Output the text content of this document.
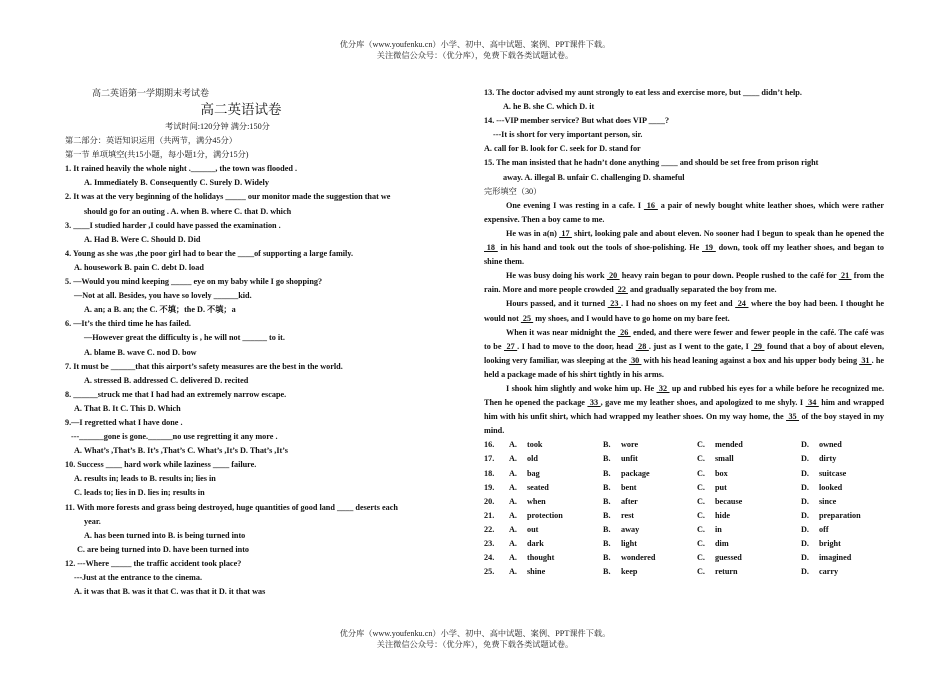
优分库（www.youfenku.cn）小学、初中、高中试题、案例、PPT课件下载。
关注微信公众号：（优分库），免费下载各类试题试卷。

高二英语第一学期期末考试卷

高二英语试卷

考试时间:120分钟 满分:150分

第二部分：英语知识运用（共两节，满分45分）

第一节 单项填空(共15小题，每小题1分，满分15分)

1. It rained heavily the whole night .______, the town was flooded .

A. Immediately B. Consequently C. Surely D. Widely

2. It was at the very beginning of the holidays _____ our monitor made the suggestion that we

should go for an outing . A. when B. where C. that D. which

3. ____I studied harder ,I could have passed the examination .

A. Had B. Were C. Should D. Did

4. Young as she was ,the poor girl had to bear the ____of supporting a large family.

A. housework B. pain C. debt D. load

5. —Would you mind keeping _____ eye on my baby while I go shopping?

—Not at all. Besides, you have so lovely ______kid.

A. an; a B. an; the C. 不填；the D. 不填；a

6. —It’s the third time he has failed.

—However great the difficulty is , he will not ______ to it.

A. blame B. wave C. nod D. bow

7. It must be ______that this airport’s safety measures are the best in the world.

A. stressed B. addressed C. delivered D. recited

8. ______struck me that I had had an extremely narrow escape.

A. That B. It C. This D. Which

9.—I regretted what I have done .

---______gone is gone.______no use regretting it any more .

A. What’s ,That’s B. It’s ,That’s C. What’s ,It’s D. That’s ,It’s

10. Success ____ hard work while laziness ____ failure.

A. results in; leads to B. results in; lies in

C. leads to; lies in D. lies in; results in

11. With more forests and grass being destroyed, huge quantities of good land ____ deserts each

year.

A. has been turned into B. is being turned into

C. are being turned into D. have been turned into

12. ---Where _____ the traffic accident took place?

---Just at the entrance to the cinema.

A. it was that B. was it that C. was that it D. it that was

13. The doctor advised my aunt strongly to eat less and exercise more, but ____ didn’t help.

A. he B. she C. which D. it

14. ---VIP member service? But what does VIP ____?

---It is short for very important person, sir.

A. call for B. look for C. seek for D. stand for

15. The man insisted that he hadn’t done anything ____ and should be set free from prison right

away. A. illegal B. unfair C. challenging D. shameful

完形填空（30）

One evening I was resting in a cafe. I  16  a pair of newly bought white leather shoes, which were rather expensive. Then a boy came to me.

He was in a(n)  17  shirt, looking pale and about eleven. No sooner had I begun to speak than he opened the  18  in his hand and took out the tools of shoe-polishing. He  19  down, took off my leather shoes, and began to shine them.

He was busy doing his work  20  heavy rain began to pour down. People rushed to the café for  21  from the rain. More and more people crowded  22  and gradually separated the boy from me.

Hours passed, and it turned  23 . I had no shoes on my feet and  24  where the boy had been. I thought he would not  25  my shoes, and I would have to go home on my bare feet.

When it was near midnight the  26  ended, and there were fewer and fewer people in the café. The café was to be  27 . I had to move to the door, head  28 . just as I went to the gate, I  29  found that a boy of about eleven, looking very familiar, was sleeping at the  30  with his head leaning against a box and his upper body being  31 . he held a package made of his shirt tightly in his arms.

I shook him slightly and woke him up. He  32  up and rubbed his eyes for a while before he recognized me. Then he opened the package  33 , gave me my leather shoes, and apologized to me shyly. I  34  him and wrapped him with his unfit shirt, which had wrapped my leather shoes. On my way home, the  35  of the boy stayed in my mind.

16.	A.	took	B.	wore	C.	mended	D.	owned
17.	A.	old	B.	unfit	C.	small	D.	dirty
18.	A.	bag	B.	package	C.	box	D.	suitcase
19.	A.	seated	B.	bent	C.	put	D.	looked
20.	A.	when	B.	after	C.	because	D.	since
21.	A.	protection	B.	rest	C.	hide	D.	preparation
22.	A.	out	B.	away	C.	in	D.	off
23.	A.	dark	B.	light	C.	dim	D.	bright
24.	A.	thought	B.	wondered	C.	guessed	D.	imagined
25.	A.	shine	B.	keep	C.	return	D.	carry
优分库（www.youfenku.cn）小学、初中、高中试题、案例、PPT课件下载。
关注微信公众号：（优分库），免费下载各类试题试卷。
